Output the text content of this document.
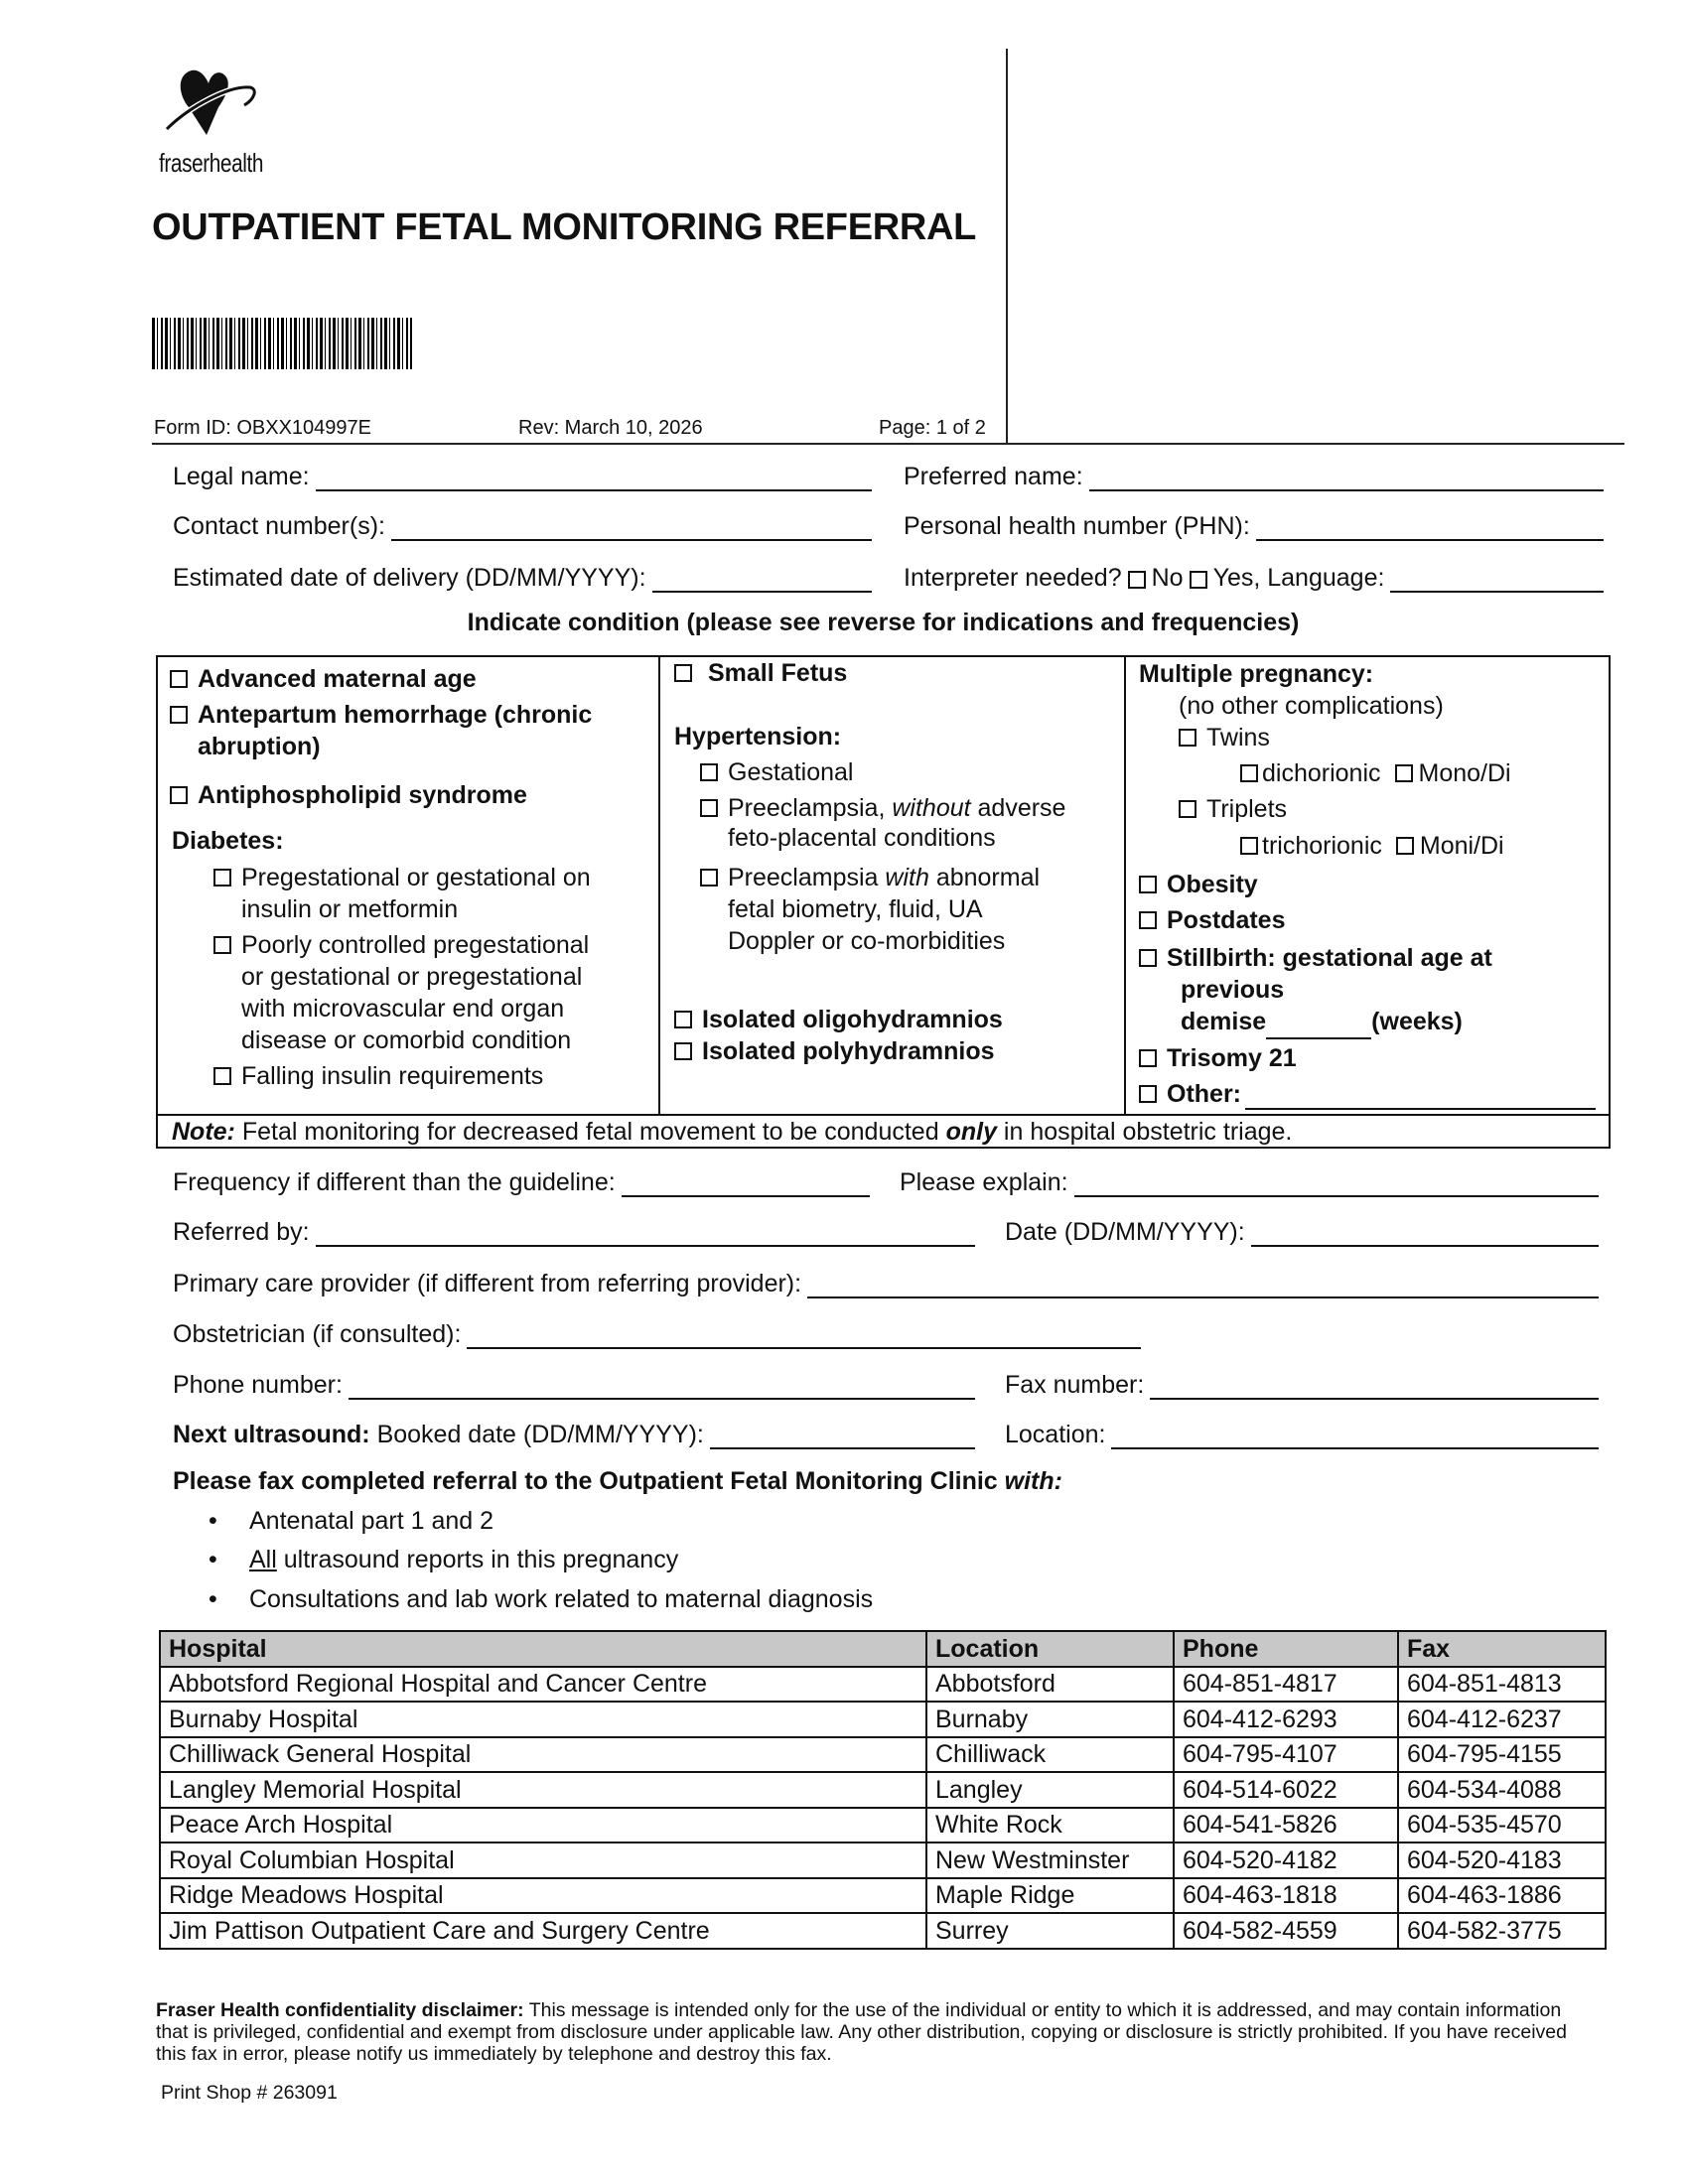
fraserhealth
OUTPATIENT FETAL MONITORING REFERRAL
Form ID: OBXX104997E	Rev: March 10, 2026	Page: 1 of 2
Legal name:	Preferred name:
Contact number(s):	Personal health number (PHN):
Estimated date of delivery (DD/MM/YYYY):	Interpreter needed? No Yes, Language:
Indicate condition (please see reverse for indications and frequencies)
Advanced maternal age
Antepartum hemorrhage (chronic
abruption)
Antiphospholipid syndrome
Diabetes:
Pregestational or gestational on
insulin or metformin
Poorly controlled pregestational
or gestational or pregestational
with microvascular end organ
disease or comorbid condition
Falling insulin requirements
Small Fetus
Hypertension:
Gestational
Preeclampsia, without adverse
feto-placental conditions
Preeclampsia with abnormal
fetal biometry, fluid, UA
Doppler or co-morbidities
Isolated oligohydramnios
Isolated polyhydramnios
Multiple pregnancy:
(no other complications)
Twins
dichorionic Mono/Di
Triplets
trichorionic Moni/Di
Obesity
Postdates
Stillbirth: gestational age at
previous
demise	(weeks)
Trisomy 21
Other:
Note: Fetal monitoring for decreased fetal movement to be conducted only in hospital obstetric triage.
Frequency if different than the guideline:	Please explain:
Referred by:	Date (DD/MM/YYYY):
Primary care provider (if different from referring provider):
Obstetrician (if consulted):
Phone number:	Fax number:
Next ultrasound: Booked date (DD/MM/YYYY):	Location:
Please fax completed referral to the Outpatient Fetal Monitoring Clinic with:
• Antenatal part 1 and 2
• All ultrasound reports in this pregnancy
• Consultations and lab work related to maternal diagnosis
Hospital	Location	Phone	Fax
Abbotsford Regional Hospital and Cancer Centre	Abbotsford	604-851-4817	604-851-4813
Burnaby Hospital	Burnaby	604-412-6293	604-412-6237
Chilliwack General Hospital	Chilliwack	604-795-4107	604-795-4155
Langley Memorial Hospital	Langley	604-514-6022	604-534-4088
Peace Arch Hospital	White Rock	604-541-5826	604-535-4570
Royal Columbian Hospital	New Westminster	604-520-4182	604-520-4183
Ridge Meadows Hospital	Maple Ridge	604-463-1818	604-463-1886
Jim Pattison Outpatient Care and Surgery Centre	Surrey	604-582-4559	604-582-3775
Fraser Health confidentiality disclaimer: This message is intended only for the use of the individual or entity to which it is addressed, and may contain information that is privileged, confidential and exempt from disclosure under applicable law. Any other distribution, copying or disclosure is strictly prohibited. If you have received this fax in error, please notify us immediately by telephone and destroy this fax.
Print Shop # 263091
